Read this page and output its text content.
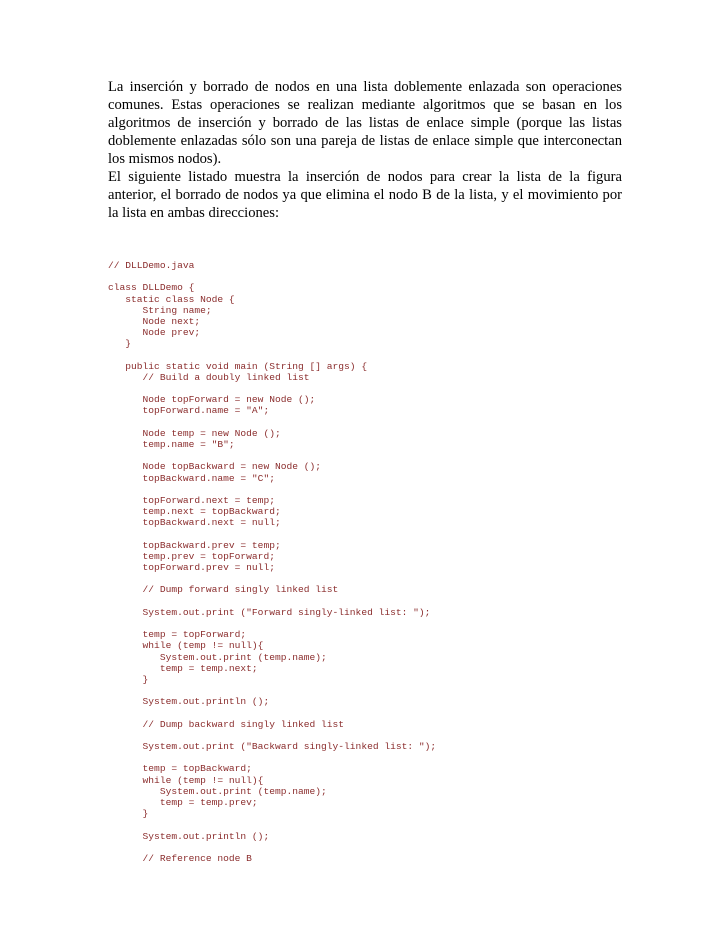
La inserción y borrado de nodos en una lista doblemente enlazada son operaciones comunes. Estas operaciones se realizan mediante algoritmos que se basan en los algoritmos de inserción y borrado de las listas de enlace simple (porque las listas doblemente enlazadas sólo son una pareja de listas de enlace simple que interconectan los mismos nodos).

El siguiente listado muestra la inserción de nodos para crear la lista de la figura anterior, el borrado de nodos ya que elimina el nodo B de la lista, y el movimiento por la lista en ambas direcciones:

// DLLDemo.java
class DLLDemo {
static class Node {
String name;
Node next;
Node prev;
}
public static void main (String [] args) {
// Build a doubly linked list
Node topForward = new Node ();
topForward.name = "A";
Node temp = new Node ();
temp.name = "B";
Node topBackward = new Node ();
topBackward.name = "C";
topForward.next = temp;
temp.next = topBackward;
topBackward.next = null;
topBackward.prev = temp;
temp.prev = topForward;
topForward.prev = null;
// Dump forward singly linked list
System.out.print ("Forward singly-linked list: ");
temp = topForward;
while (temp != null){
System.out.print (temp.name);
temp = temp.next;
}
System.out.println ();
// Dump backward singly linked list
System.out.print ("Backward singly-linked list: ");
temp = topBackward;
while (temp != null){
System.out.print (temp.name);
temp = temp.prev;
}
System.out.println ();
// Reference node B
